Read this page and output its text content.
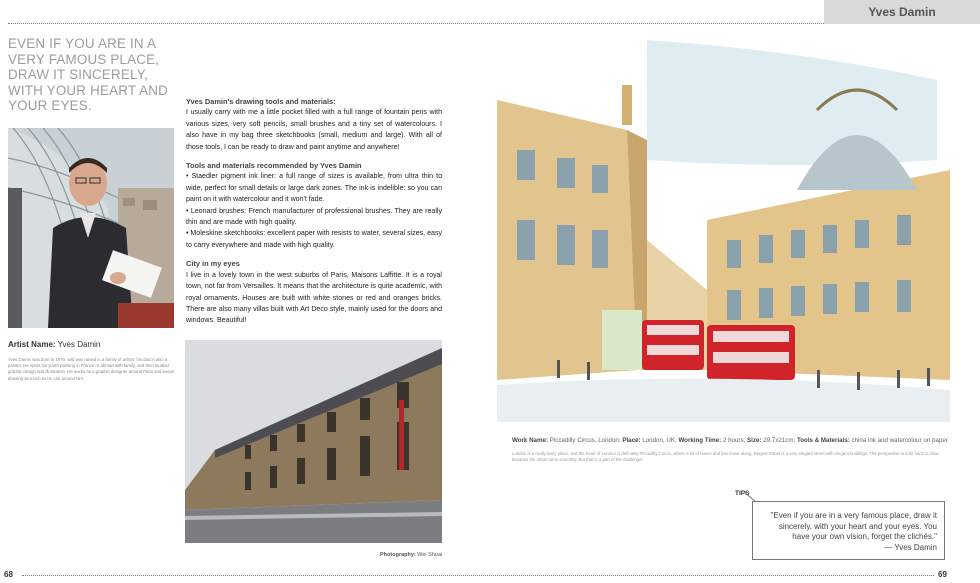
Yves Damin
EVEN IF YOU ARE IN A VERY FAMOUS PLACE, DRAW IT SINCERELY, WITH YOUR HEART AND YOUR EYES.
Artist Name: Yves Damin
Yves Damin was born in 1970, and was raised in a family of artists: his dad is also a painter. He spent his youth painting in France or abroad with family, and then studied graphic design and illustration. He works as a graphic designer around Paris and keeps drawing as much as he can around him.
Yves Damin's drawing tools and materials:

I usually carry with me a little pocket filled with a full range of fountain pens with various sizes, very soft pencils, small brushes and a tiny set of watercolours. I also have in my bag three sketchbooks (small, medium and large). With all of those tools, I can be ready to draw and paint anytime and anywhere!

Tools and materials recommended by Yves Damin

• Staedler pigment ink liner: a full range of sizes is available, from ultra thin to wide, perfect for small details or large dark zones. The ink is indelible: so you can paint on it with watercolour and it won't fade.
• Leonard brushes: French manufacturer of professional brushes. They are really thin and are made with high quality.
• Moleskine sketchbooks: excellent paper with resists to water, several sizes, easy to carry everywhere and made with high quality.

City in my eyes

I live in a lovely town in the west suburbs of Paris, Maisons Laffitte. It is a royal town, not far from Versailles. It means that the architecture is quite academic, with royal ornaments. Houses are built with white stones or red and oranges bricks. There are also many villas built with Art Deco style, mainly used for the doors and windows. Beautiful!

Photography: Wei Shuai
Work Name: Piccadilly Circus, London; Place: London, UK; Working Time: 2 hours; Size: 29.7x21cm; Tools & Materials: china ink and watercolour on paper
London is a really lively place, and the heart of London is definitely Piccadilly Circus, where a lot of buses and taxi move along. Regent Street is a very elegant street with elegant buildings. The perspective is a bit hard to draw because the street turns smoothly. But that is a part of the challenge!
TIPS
"Even if you are in a very famous place, draw it sincerely, with your heart and your eyes. You have your own vision, forget the clichés."
— Yves Damin
68	69
